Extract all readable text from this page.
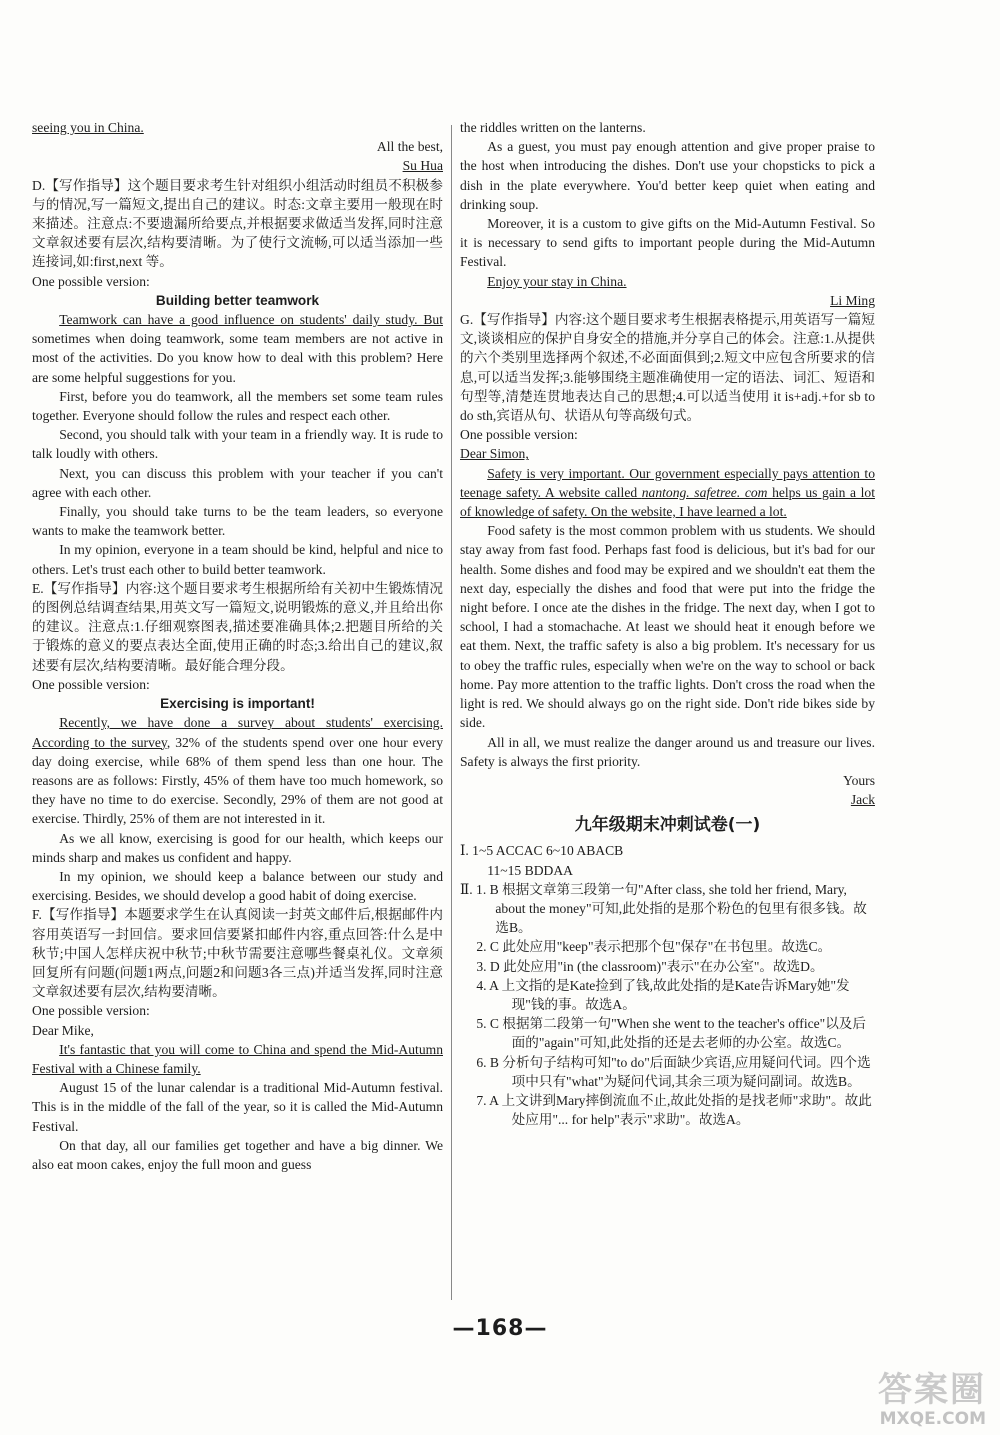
seeing you in China.

All the best,

Su Hua

D.【写作指导】这个题目要求考生针对组织小组活动时组员不积极参与的情况,写一篇短文,提出自己的建议。时态:文章主要用一般现在时来描述。注意点:不要遗漏所给要点,并根据要求做适当发挥,同时注意文章叙述要有层次,结构要清晰。为了使行文流畅,可以适当添加一些连接词,如:first,next 等。

One possible version:

Building better teamwork

Teamwork can have a good influence on students' daily study. But sometimes when doing teamwork, some team members are not active in most of the activities. Do you know how to deal with this problem? Here are some helpful suggestions for you.

First, before you do teamwork, all the members set some team rules together. Everyone should follow the rules and respect each other.

Second, you should talk with your team in a friendly way. It is rude to talk loudly with others.

Next, you can discuss this problem with your teacher if you can't agree with each other.

Finally, you should take turns to be the team leaders, so everyone wants to make the teamwork better.

In my opinion, everyone in a team should be kind, helpful and nice to others. Let's trust each other to build better teamwork.

E.【写作指导】内容:这个题目要求考生根据所给有关初中生锻炼情况的图例总结调查结果,用英文写一篇短文,说明锻炼的意义,并且给出你的建议。注意点:1.仔细观察图表,描述要准确具体;2.把题目所给的关于锻炼的意义的要点表达全面,使用正确的时态;3.给出自己的建议,叙述要有层次,结构要清晰。最好能合理分段。

One possible version:

Exercising is important!

Recently, we have done a survey about students' exercising. According to the survey, 32% of the students spend over one hour every day doing exercise, while 68% of them spend less than one hour. The reasons are as follows: Firstly, 45% of them have too much homework, so they have no time to do exercise. Secondly, 29% of them are not good at exercise. Thirdly, 25% of them are not interested in it.

As we all know, exercising is good for our health, which keeps our minds sharp and makes us confident and happy.

In my opinion, we should keep a balance between our study and exercising. Besides, we should develop a good habit of doing exercise.

F.【写作指导】本题要求学生在认真阅读一封英文邮件后,根据邮件内容用英语写一封回信。要求回信要紧扣邮件内容,重点回答:什么是中秋节;中国人怎样庆祝中秋节;中秋节需要注意哪些餐桌礼仪。文章须回复所有问题(问题1两点,问题2和问题3各三点)并适当发挥,同时注意文章叙述要有层次,结构要清晰。

One possible version:

Dear Mike,

It's fantastic that you will come to China and spend the Mid-Autumn Festival with a Chinese family.

August 15 of the lunar calendar is a traditional Mid-Autumn festival. This is in the middle of the fall of the year, so it is called the Mid-Autumn Festival.

On that day, all our families get together and have a big dinner. We also eat moon cakes, enjoy the full moon and guess

the riddles written on the lanterns.

As a guest, you must pay enough attention and give proper praise to the host when introducing the dishes. Don't use your chopsticks to pick a dish in the plate everywhere. You'd better keep quiet when eating and drinking soup.

Moreover, it is a custom to give gifts on the Mid-Autumn Festival. So it is necessary to send gifts to important people during the Mid-Autumn Festival.

Enjoy your stay in China.

Li Ming

G.【写作指导】内容:这个题目要求考生根据表格提示,用英语写一篇短文,谈谈相应的保护自身安全的措施,并分享自己的体会。注意:1.从提供的六个类别里选择两个叙述,不必面面俱到;2.短文中应包含所要求的信息,可以适当发挥;3.能够围绕主题准确使用一定的语法、词汇、短语和句型等,清楚连贯地表达自己的思想;4.可以适当使用 it is+adj.+for sb to do sth,宾语从句、状语从句等高级句式。

One possible version:

Dear Simon,

Safety is very important. Our government especially pays attention to teenage safety. A website called nantong. safetree. com helps us gain a lot of knowledge of safety. On the website, I have learned a lot.

Food safety is the most common problem with us students. We should stay away from fast food. Perhaps fast food is delicious, but it's bad for our health. Some dishes and food may be expired and we shouldn't eat them the next day, especially the dishes and food that were put into the fridge the night before. I once ate the dishes in the fridge. The next day, when I got to school, I had a stomachache. At least we should heat it enough before we eat them. Next, the traffic safety is also a big problem. It's necessary for us to obey the traffic rules, especially when we're on the way to school or back home. Pay more attention to the traffic lights. Don't cross the road when the light is red. We should always go on the right side. Don't ride bikes side by side.

All in all, we must realize the danger around us and treasure our lives. Safety is always the first priority.

Yours

Jack

九年级期末冲刺试卷(一)

Ⅰ. 1~5 ACCAC 6~10 ABACB

11~15 BDDAA

Ⅱ. 1. B 根据文章第三段第一句"After class, she told her friend, Mary, about the money"可知,此处指的是那个粉色的包里有很多钱。故选B。

2. C 此处应用"keep"表示把那个包"保存"在书包里。故选C。

3. D 此处应用"in (the classroom)"表示"在办公室"。故选D。

4. A 上文指的是Kate捡到了钱,故此处指的是Kate告诉Mary她"发现"钱的事。故选A。

5. C 根据第二段第一句"When she went to the teacher's office"以及后面的"again"可知,此处指的还是去老师的办公室。故选C。

6. B 分析句子结构可知"to do"后面缺少宾语,应用疑问代词。四个选项中只有"what"为疑问代词,其余三项为疑问副词。故选B。

7. A 上文讲到Mary摔倒流血不止,故此处指的是找老师"求助"。故此处应用"... for help"表示"求助"。故选A。

—168—
答案圈
MXQE.COM
